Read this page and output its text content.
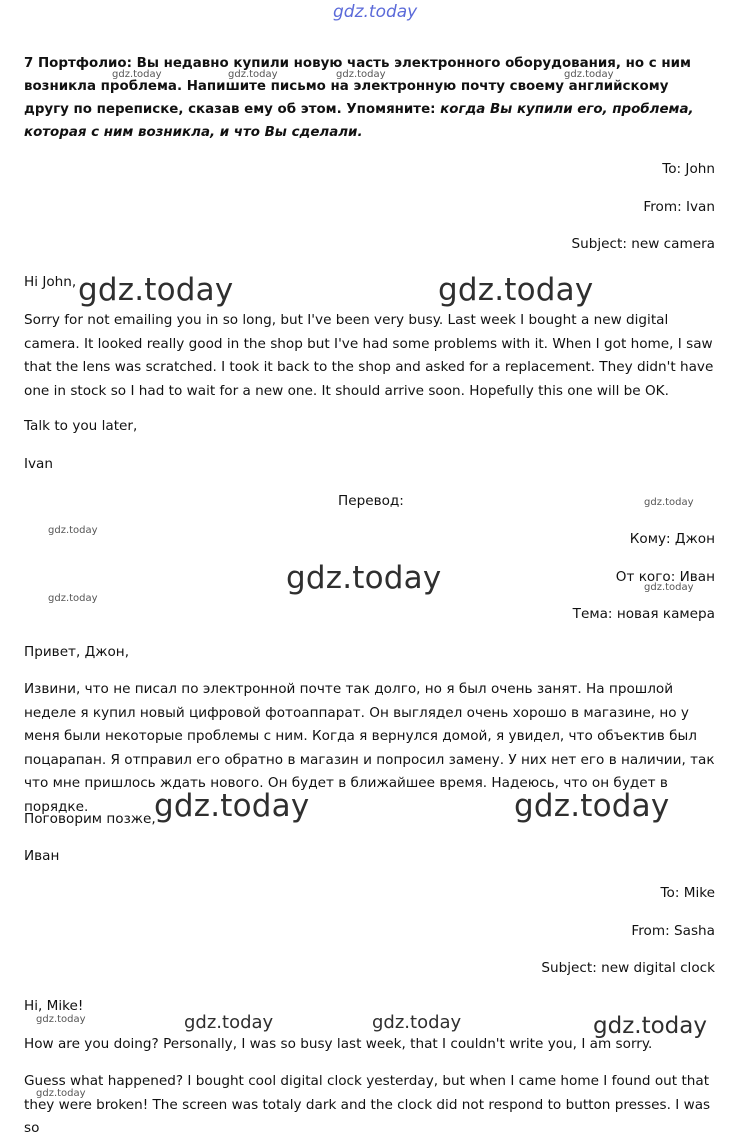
gdz.today

7 Портфолио: Вы недавно купили новую часть электронного оборудования, но с ним возникла проблема. Напишите письмо на электронную почту своему английскому другу по переписке, сказав ему об этом. Упомяните: когда Вы купили его, проблема, которая с ним возникла, и что Вы сделали.

gdz.today	gdz.today	gdz.today	gdz.today

To: John

From: Ivan

Subject: new camera

Hi John, gdz.today	gdz.today

Sorry for not emailing you in so long, but I've been very busy. Last week I bought a new digital camera. It looked really good in the shop but I've had some problems with it. When I got home, I saw that the lens was scratched. I took it back to the shop and asked for a replacement. They didn't have one in stock so I had to wait for a new one. It should arrive soon. Hopefully this one will be OK.

Talk to you later,

Ivan

Перевод:	gdz.today
gdz.today

Кому: Джон

gdz.today	От кого: Иван

gdz.today
gdz.today

Тема: новая камера

Привет, Джон,

Извини, что не писал по электронной почте так долго, но я был очень занят. На прошлой неделе я купил новый цифровой фотоаппарат. Он выглядел очень хорошо в магазине, но у меня были некоторые проблемы с ним. Когда я вернулся домой, я увидел, что объектив был поцарапан. Я отправил его обратно в магазин и попросил замену. У них нет его в наличии, так что мне пришлось ждать нового. Он будет в ближайшее время. Надеюсь, что он будет в порядке.

Поговорим позже,

gdz.today	gdz.today

Иван

To: Mike

From: Sasha

Subject: new digital clock

Hi, Mike!

gdz.today	gdz.today	gdz.today	gdz.today

How are you doing? Personally, I was so busy last week, that I couldn't write you, I am sorry.

Guess what happened? I bought cool digital clock yesterday, but when I came home I found out that they were broken! The screen was totaly dark and the clock did not respond to button presses. I was so

gdz.today
